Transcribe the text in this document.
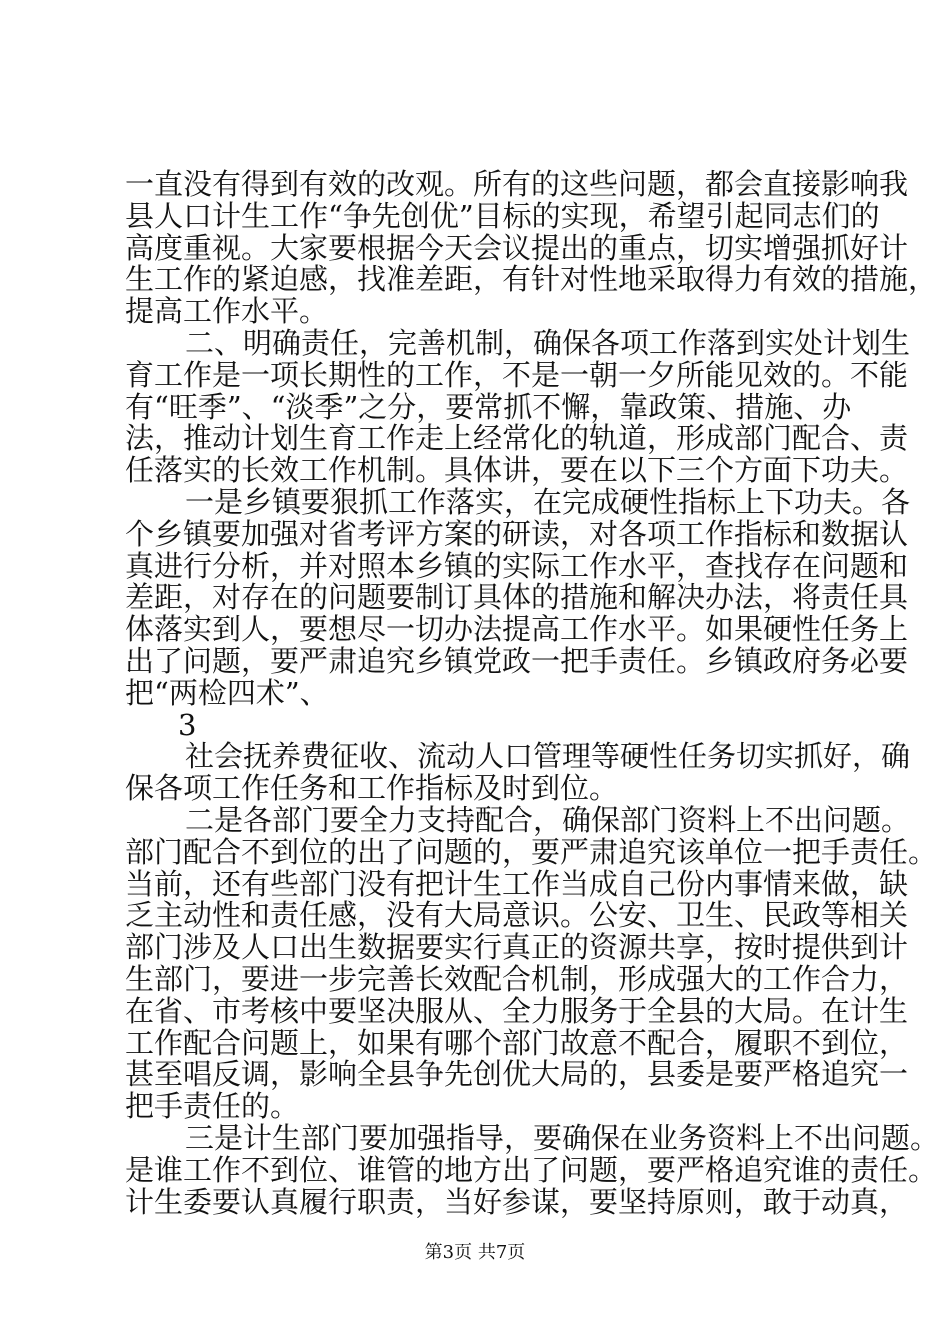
一直没有得到有效的改观。所有的这些问题，都会直接影响我
县人口计生工作“争先创优”目标的实现，希望引起同志们的
高度重视。大家要根据今天会议提出的重点，切实增强抓好计
生工作的紧迫感，找准差距，有针对性地采取得力有效的措施，
提高工作水平。
二、明确责任，完善机制，确保各项工作落到实处计划生
育工作是一项长期性的工作，不是一朝一夕所能见效的。不能
有“旺季”、“淡季”之分，要常抓不懈，靠政策、措施、办
法，推动计划生育工作走上经常化的轨道，形成部门配合、责
任落实的长效工作机制。具体讲，要在以下三个方面下功夫。
一是乡镇要狠抓工作落实，在完成硬性指标上下功夫。各
个乡镇要加强对省考评方案的研读，对各项工作指标和数据认
真进行分析，并对照本乡镇的实际工作水平，查找存在问题和
差距，对存在的问题要制订具体的措施和解决办法，将责任具
体落实到人，要想尽一切办法提高工作水平。如果硬性任务上
出了问题，要严肃追究乡镇党政一把手责任。乡镇政府务必要
把“两检四术”、
3
社会抚养费征收、流动人口管理等硬性任务切实抓好，确
保各项工作任务和工作指标及时到位。
二是各部门要全力支持配合，确保部门资料上不出问题。
部门配合不到位的出了问题的，要严肃追究该单位一把手责任。
当前，还有些部门没有把计生工作当成自己份内事情来做，缺
乏主动性和责任感，没有大局意识。公安、卫生、民政等相关
部门涉及人口出生数据要实行真正的资源共享，按时提供到计
生部门，要进一步完善长效配合机制，形成强大的工作合力，
在省、市考核中要坚决服从、全力服务于全县的大局。在计生
工作配合问题上，如果有哪个部门故意不配合，履职不到位，
甚至唱反调，影响全县争先创优大局的，县委是要严格追究一
把手责任的。
三是计生部门要加强指导，要确保在业务资料上不出问题。
是谁工作不到位、谁管的地方出了问题，要严格追究谁的责任。
计生委要认真履行职责，当好参谋，要坚持原则，敢于动真，
第3页 共7页
